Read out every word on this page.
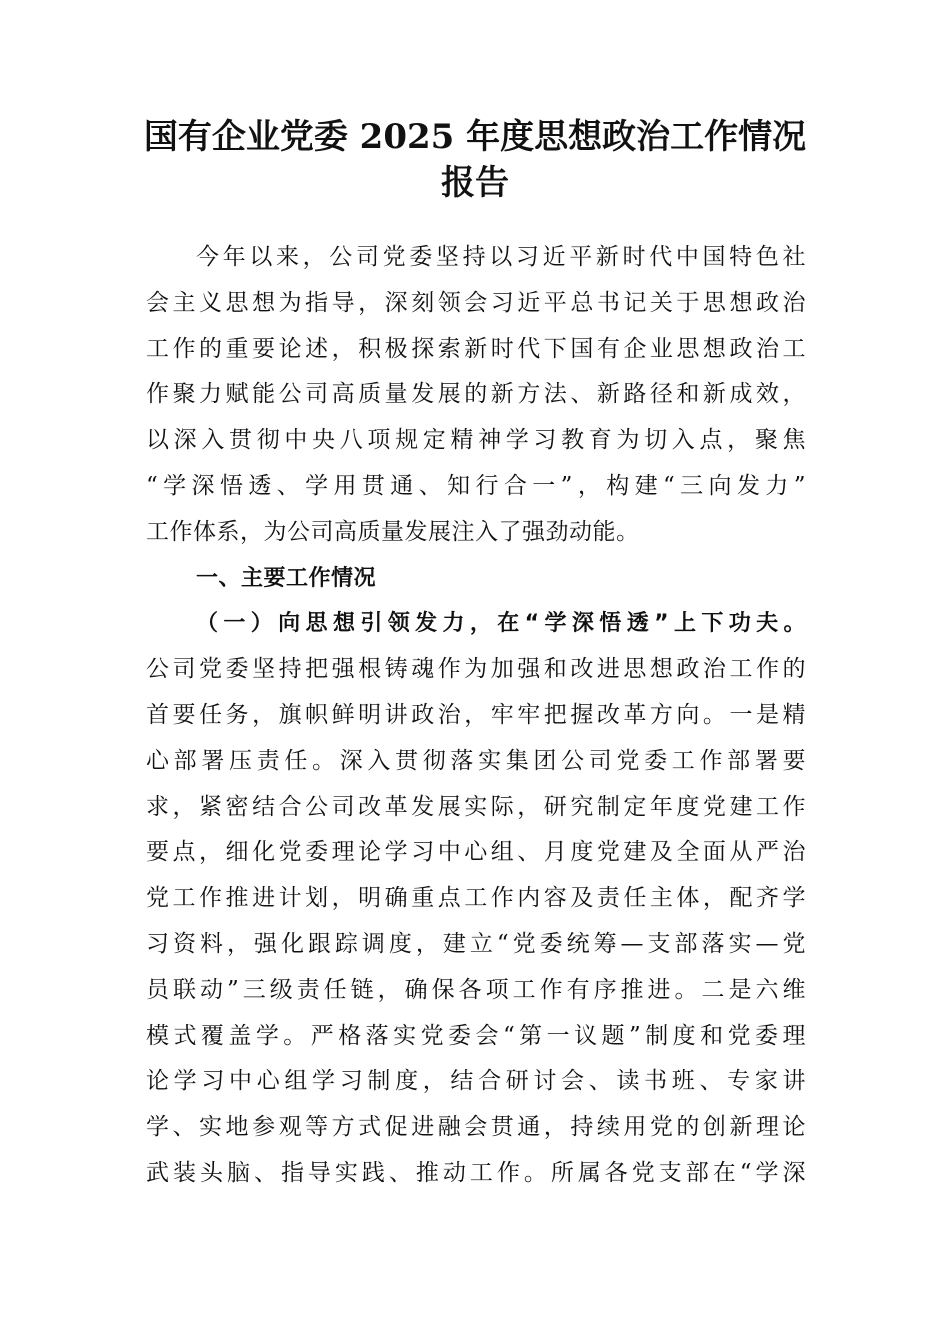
国有企业党委 2025 年度思想政治工作情况
报告
今年以来，公司党委坚持以习近平新时代中国特色社
会主义思想为指导，深刻领会习近平总书记关于思想政治
工作的重要论述，积极探索新时代下国有企业思想政治工
作聚力赋能公司高质量发展的新方法、新路径和新成效，
以深入贯彻中央八项规定精神学习教育为切入点，聚焦
“学深悟透、学用贯通、知行合一”，构建“三向发力”
工作体系，为公司高质量发展注入了强劲动能。
一、主要工作情况
（一）向思想引领发力，在“学深悟透”上下功夫。
公司党委坚持把强根铸魂作为加强和改进思想政治工作的
首要任务，旗帜鲜明讲政治，牢牢把握改革方向。一是精
心部署压责任。深入贯彻落实集团公司党委工作部署要
求，紧密结合公司改革发展实际，研究制定年度党建工作
要点，细化党委理论学习中心组、月度党建及全面从严治
党工作推进计划，明确重点工作内容及责任主体，配齐学
习资料，强化跟踪调度，建立“党委统筹—支部落实—党
员联动”三级责任链，确保各项工作有序推进。二是六维
模式覆盖学。严格落实党委会“第一议题”制度和党委理
论学习中心组学习制度，结合研讨会、读书班、专家讲
学、实地参观等方式促进融会贯通，持续用党的创新理论
武装头脑、指导实践、推动工作。所属各党支部在“学深
